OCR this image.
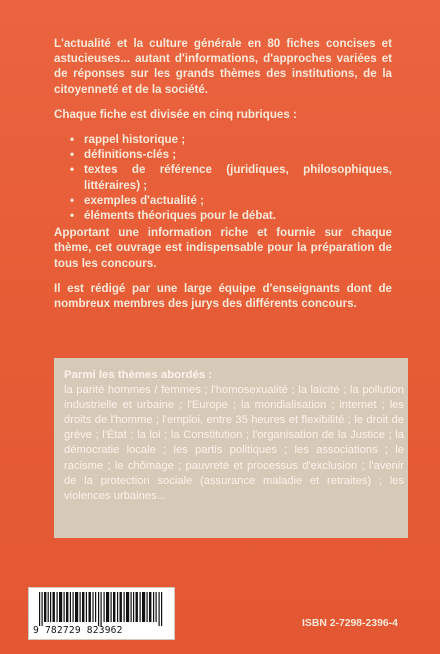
L'actualité et la culture générale en 80 fiches concises et astucieuses... autant d'informations, d'approches variées et de réponses sur les grands thèmes des institutions, de la citoyenneté et de la société.

Chaque fiche est divisée en cinq rubriques :

• rappel historique ;
• définitions-clés ;
• textes de référence (juridiques, philosophiques, littéraires) ;
• exemples d'actualité ;
• éléments théoriques pour le débat.

Apportant une information riche et fournie sur chaque thème, cet ouvrage est indispensable pour la préparation de tous les concours.

Il est rédigé par une large équipe d'enseignants dont de nombreux membres des jurys des différents concours.

Parmi les thèmes abordés :
la parité hommes / femmes ; l'homosexualité ; la laïcité ; la pollution industrielle et urbaine ; l'Europe ; la mondialisation ; internet ; les droits de l'homme ; l'emploi, entre 35 heures et flexibilité ; le droit de grève ; l'État ; la loi ; la Constitution ; l'organisation de la Justice ; la démocratie locale ; les partis politiques ; les associations ; le racisme ; le chômage ; pauvreté et processus d'exclusion ; l'avenir de la protection sociale (assurance maladie et retraites) ; les violences urbaines...
9 782729 823962
ISBN 2-7298-2396-4
